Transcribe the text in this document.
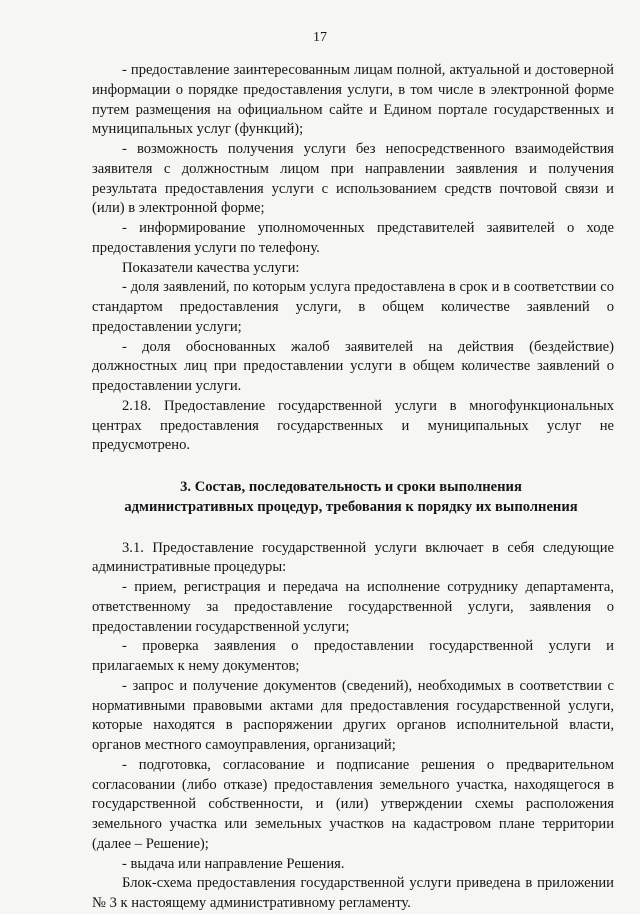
17

- предоставление заинтересованным лицам полной, актуальной и достоверной информации о порядке предоставления услуги, в том числе в электронной форме путем размещения на официальном сайте и Едином портале государственных и муниципальных услуг (функций);

- возможность получения услуги без непосредственного взаимодействия заявителя с должностным лицом при направлении заявления и получения результата предоставления услуги с использованием средств почтовой связи и (или) в электронной форме;

- информирование уполномоченных представителей заявителей о ходе предоставления услуги по телефону.

Показатели качества услуги:

- доля заявлений, по которым услуга предоставлена в срок и в соответствии со стандартом предоставления услуги, в общем количестве заявлений о предоставлении услуги;

- доля обоснованных жалоб заявителей на действия (бездействие) должностных лиц при предоставлении услуги в общем количестве заявлений о предоставлении услуги.

2.18. Предоставление государственной услуги в многофункциональных центрах предоставления государственных и муниципальных услуг не предусмотрено.

3. Состав, последовательность и сроки выполнения
административных процедур, требования к порядку их выполнения

3.1. Предоставление государственной услуги включает в себя следующие административные процедуры:

- прием, регистрация и передача на исполнение сотруднику департамента, ответственному за предоставление государственной услуги, заявления о предоставлении государственной услуги;

- проверка заявления о предоставлении государственной услуги и прилагаемых к нему документов;

- запрос и получение документов (сведений), необходимых в соответствии с нормативными правовыми актами для предоставления государственной услуги, которые находятся в распоряжении других органов исполнительной власти, органов местного самоуправления, организаций;

- подготовка, согласование и подписание решения о предварительном согласовании (либо отказе) предоставления земельного участка, находящегося в государственной собственности, и (или) утверждении схемы расположения земельного участка или земельных участков на кадастровом плане территории (далее – Решение);

- выдача или направление Решения.

Блок-схема предоставления государственной услуги приведена в приложении № 3 к настоящему административному регламенту.
